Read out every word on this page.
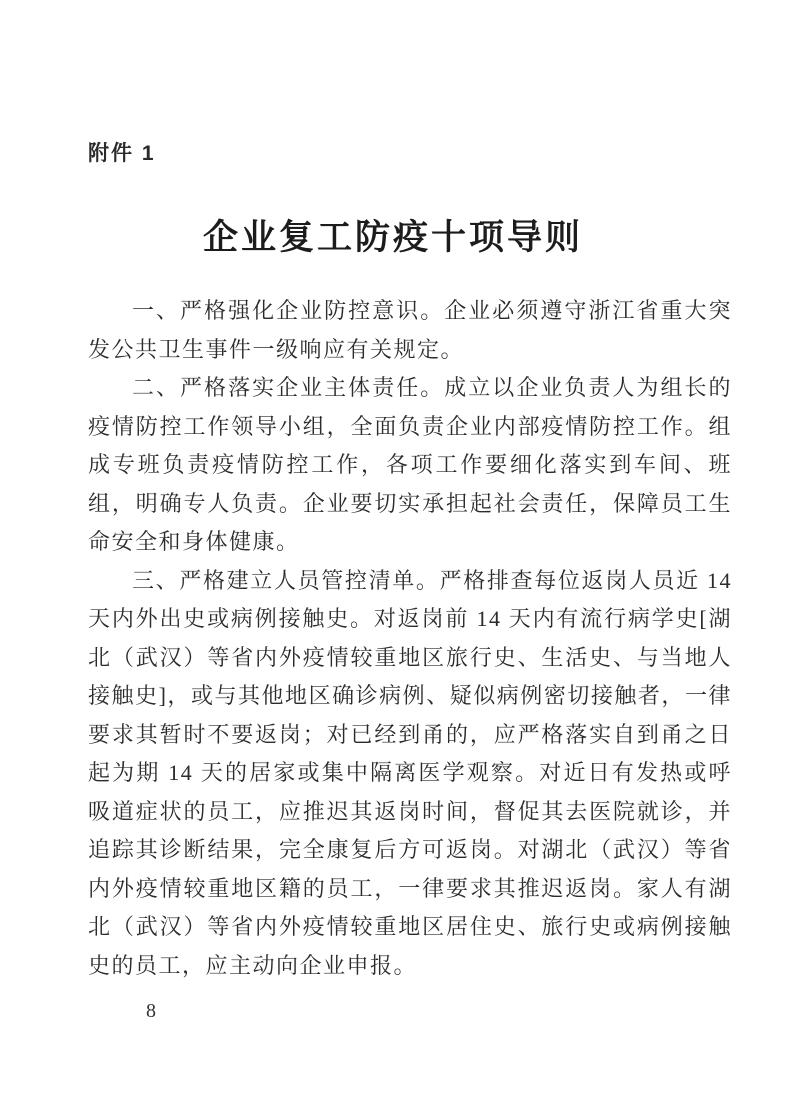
附件 1
企业复工防疫十项导则

一、严格强化企业防控意识。企业必须遵守浙江省重大突发公共卫生事件一级响应有关规定。

二、严格落实企业主体责任。成立以企业负责人为组长的疫情防控工作领导小组，全面负责企业内部疫情防控工作。组成专班负责疫情防控工作，各项工作要细化落实到车间、班组，明确专人负责。企业要切实承担起社会责任，保障员工生命安全和身体健康。

三、严格建立人员管控清单。严格排查每位返岗人员近 14 天内外出史或病例接触史。对返岗前 14 天内有流行病学史[湖北（武汉）等省内外疫情较重地区旅行史、生活史、与当地人接触史]，或与其他地区确诊病例、疑似病例密切接触者，一律要求其暂时不要返岗；对已经到甬的，应严格落实自到甬之日起为期 14 天的居家或集中隔离医学观察。对近日有发热或呼吸道症状的员工，应推迟其返岗时间，督促其去医院就诊，并追踪其诊断结果，完全康复后方可返岗。对湖北（武汉）等省内外疫情较重地区籍的员工，一律要求其推迟返岗。家人有湖北（武汉）等省内外疫情较重地区居住史、旅行史或病例接触史的员工，应主动向企业申报。

8
